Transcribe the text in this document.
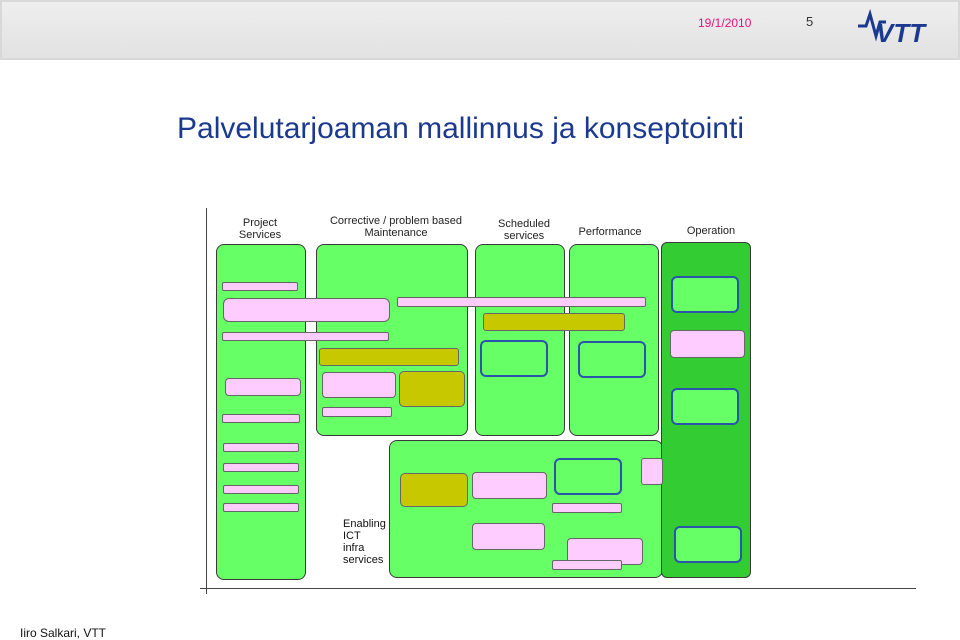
19/1/2010	5 VTT
Palvelutarjoaman mallinnus ja konseptointi
Project
Services
Corrective / problem based
Maintenance
Scheduled
services	Performance	Operation
Enabling
ICT
infra
services
Iiro Salkari, VTT
